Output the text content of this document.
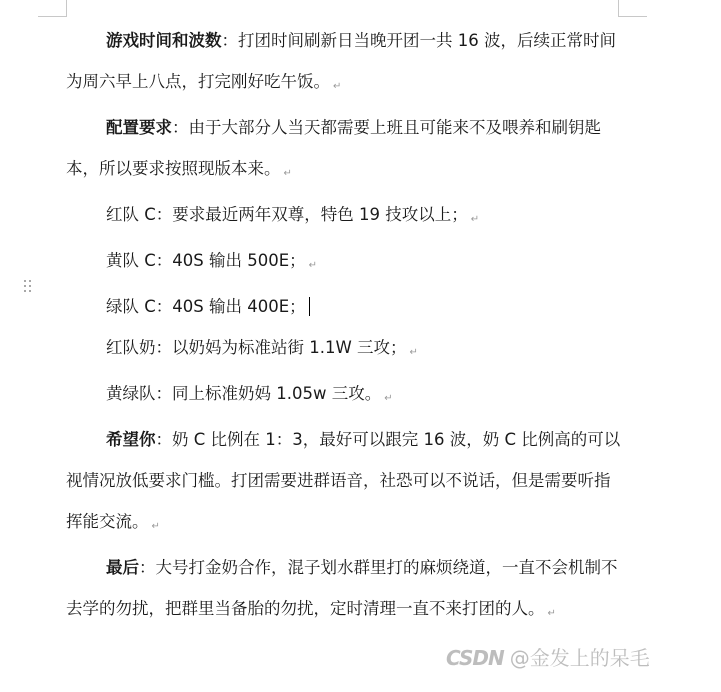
游戏时间和波数：打团时间刷新日当晚开团一共 16 波，后续正常时间为周六早上八点，打完刚好吃午饭。 ↵

配置要求：由于大部分人当天都需要上班且可能来不及喂养和刷钥匙本，所以要求按照现版本来。 ↵

红队 C：要求最近两年双尊，特色 19 技攻以上； ↵

黄队 C：40S 输出 500E； ↵

绿队 C：40S 输出 400E；

红队奶：以奶妈为标准站街 1.1W 三攻； ↵

黄绿队：同上标准奶妈 1.05w 三攻。 ↵

希望你：奶 C 比例在 1：3，最好可以跟完 16 波，奶 C 比例高的可以视情况放低要求门槛。打团需要进群语音，社恐可以不说话，但是需要听指挥能交流。 ↵

最后：大号打金奶合作，混子划水群里打的麻烦绕道，一直不会机制不去学的勿扰，把群里当备胎的勿扰，定时清理一直不来打团的人。 ↵

CSDN @金发上的呆毛
